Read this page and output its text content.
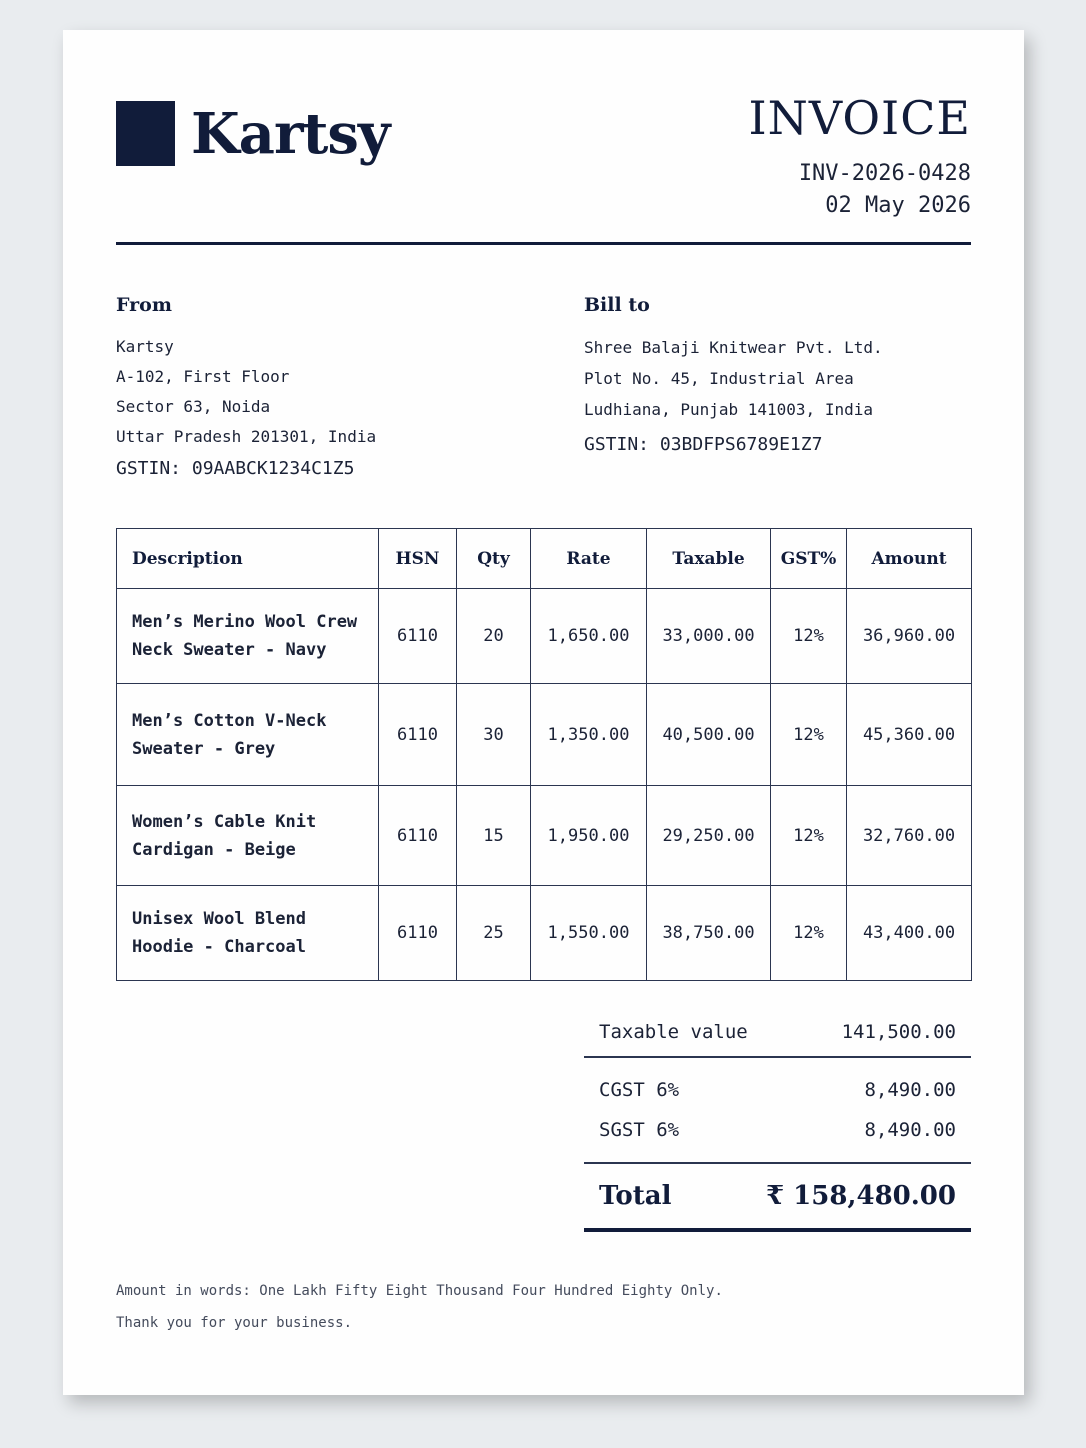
Kartsy	INVOICE
INV-2026-0428
02 May 2026
From
Kartsy
A-102, First Floor
Sector 63, Noida
Uttar Pradesh 201301, India
GSTIN: 09AABCK1234C1Z5
Bill to
Shree Balaji Knitwear Pvt. Ltd.
Plot No. 45, Industrial Area
Ludhiana, Punjab 141003, India
GSTIN: 03BDFPS6789E1Z7
Description	HSN	Qty	Rate	Taxable	GST%	Amount

Men’s Merino Wool Crew
Neck Sweater - Navy	6110	20	1,650.00	33,000.00	12%	36,960.00

Men’s Cotton V-Neck
Sweater - Grey	6110	30	1,350.00	40,500.00	12%	45,360.00

Women’s Cable Knit
Cardigan - Beige	6110	15	1,950.00	29,250.00	12%	32,760.00

Unisex Wool Blend
Hoodie - Charcoal	6110	25	1,550.00	38,750.00	12%	43,400.00
Taxable value	141,500.00
CGST 6%	8,490.00
SGST 6%	8,490.00
Total	₹ 158,480.00
Amount in words: One Lakh Fifty Eight Thousand Four Hundred Eighty Only.
Thank you for your business.
